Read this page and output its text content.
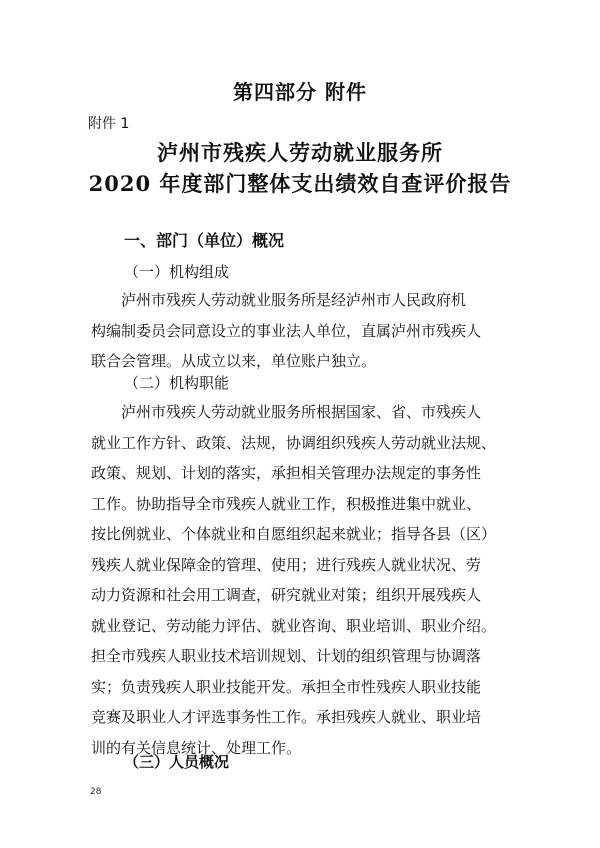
第四部分 附件
附件 1
泸州市残疾人劳动就业服务所
2020 年度部门整体支出绩效自查评价报告
一、部门（单位）概况
（一）机构组成
泸州市残疾人劳动就业服务所是经泸州市人民政府机
构编制委员会同意设立的事业法人单位，直属泸州市残疾人
联合会管理。从成立以来，单位账户独立。
（二）机构职能
泸州市残疾人劳动就业服务所根据国家、省、市残疾人
就业工作方针、政策、法规，协调组织残疾人劳动就业法规、
政策、规划、计划的落实，承担相关管理办法规定的事务性
工作。协助指导全市残疾人就业工作，积极推进集中就业、
按比例就业、个体就业和自愿组织起来就业；指导各县（区）
残疾人就业保障金的管理、使用；进行残疾人就业状况、劳
动力资源和社会用工调查，研究就业对策；组织开展残疾人
就业登记、劳动能力评估、就业咨询、职业培训、职业介绍。
担全市残疾人职业技术培训规划、计划的组织管理与协调落
实；负责残疾人职业技能开发。承担全市性残疾人职业技能
竞赛及职业人才评选事务性工作。承担残疾人就业、职业培
训的有关信息统计、处理工作。
（三）人员概况
28
